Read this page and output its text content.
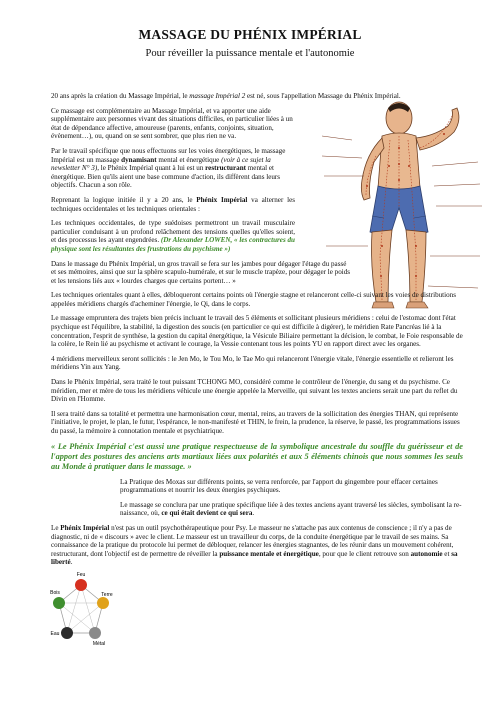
MASSAGE DU PHÉNIX IMPÉRIAL
Pour réveiller la puissance mentale et l'autonomie

20 ans après la création du Massage Impérial, le massage Impérial 2 est né, sous l'appellation Massage du Phénix Impérial.

Ce massage est complémentaire au Massage Impérial, et va apporter une aide supplémentaire aux personnes vivant des situations difficiles, en particulier liées à un état de dépendance affective, amoureuse (parents, enfants, conjoints, situation, évènement…), ou, quand on se sent sombrer, que plus rien ne va.

Par le travail spécifique que nous effectuons sur les voies énergétiques, le massage Impérial est un massage dynamisant mental et énergétique (voir à ce sujet la newsletter N° 3), le Phénix Impérial quant à lui est un restructurant mental et énergétique. Bien qu'ils aient une base commune d'action, ils diffèrent dans leurs objectifs. Chacun a son rôle.

Reprenant la logique initiée il y a 20 ans, le Phénix Impérial va alterner les techniques occidentales et les techniques orientales :

Les techniques occidentales, de type suédoises permettront un travail musculaire particulier conduisant à un profond relâchement des tensions quelles qu'elles soient, et des processus les ayant engendrées. (Dr Alexander LOWEN, « les contractures du physique sont les résultantes des frustrations du psychisme »)

Dans le massage du Phénix Impérial, un gros travail se fera sur les jambes pour dégager l'étage du passé et ses mémoires, ainsi que sur la sphère scapulo-humérale, et sur le muscle trapèze, pour dégager le poids et les tensions liés aux « lourdes charges que certains portent… »

Les techniques orientales quant à elles, débloqueront certains points où l'énergie stagne et relanceront celle-ci suivant les voies de distributions appelées méridiens chargés d'acheminer l'énergie, le Qi, dans le corps.

Le massage empruntera des trajets bien précis incluant le travail des 5 éléments et sollicitant plusieurs méridiens : celui de l'estomac dont l'état psychique est l'équilibre, la stabilité, la digestion des soucis (en particulier ce qui est difficile à digérer), le méridien Rate Pancréas lié à la concentration, l'esprit de synthèse, la gestion du capital énergétique, la Vésicule Biliaire permettant la décision, le combat, le Foie responsable de la colère, le Rein lié au psychisme et activant le courage, la Vessie contenant tous les points YU en rapport direct avec les organes.

4 méridiens merveilleux seront sollicités : le Jen Mo, le Tou Mo, le Tae Mo qui relanceront l'énergie vitale, l'énergie essentielle et relieront les méridiens Yin aux Yang.

Dans le Phénix Impérial, sera traité le tout puissant TCHONG MO, considéré comme le contrôleur de l'énergie, du sang et du psychisme. Ce méridien, mer et mère de tous les méridiens véhicule une énergie appelée la Merveille, qui suivant les textes anciens serait une part du reflet du Divin en l'Homme.

Il sera traité dans sa totalité et permettra une harmonisation cœur, mental, reins, au travers de la sollicitation des énergies THAN, qui représente l'initiative, le projet, le plan, le futur, l'espérance, le non-manifesté et THIN, le frein, la prudence, la réserve, le passé, les programmations issues du passé, la mémoire à connotation mentale et psychiatrique.

« Le Phénix Impérial c'est aussi une pratique respectueuse de la symbolique ancestrale du souffle du guérisseur et de l'apport des postures des anciens arts martiaux liées aux polarités et aux 5 éléments chinois que nous sommes les seuls au Monde à pratiquer dans le massage. »

La Pratique des Moxas sur différents points, se verra renforcée, par l'apport du gingembre pour effacer certaines programmations et nourrir les deux énergies psychiques.

Le massage se conclura par une pratique spécifique liée à des textes anciens ayant traversé les siècles, symbolisant la re-naissance, où, ce qui était devient ce qui sera.

Le Phénix Impérial n'est pas un outil psychothérapeutique pour Psy. Le masseur ne s'attache pas aux contenus de conscience ; il n'y a pas de diagnostic, ni de « discours » avec le client. Le masseur est un travailleur du corps, de la conduite énergétique par le travail de ses mains. Sa connaissance de la pratique du protocole lui permet de débloquer, relancer les énergies stagnantes, de les réunir dans un mouvement cohérent, restructurant, dont l'objectif est de permettre de réveiller la puissance mentale et énergétique, pour que le client retrouve son autonomie et sa liberté.

Feu
Terre
Métal
Eau
Bois
